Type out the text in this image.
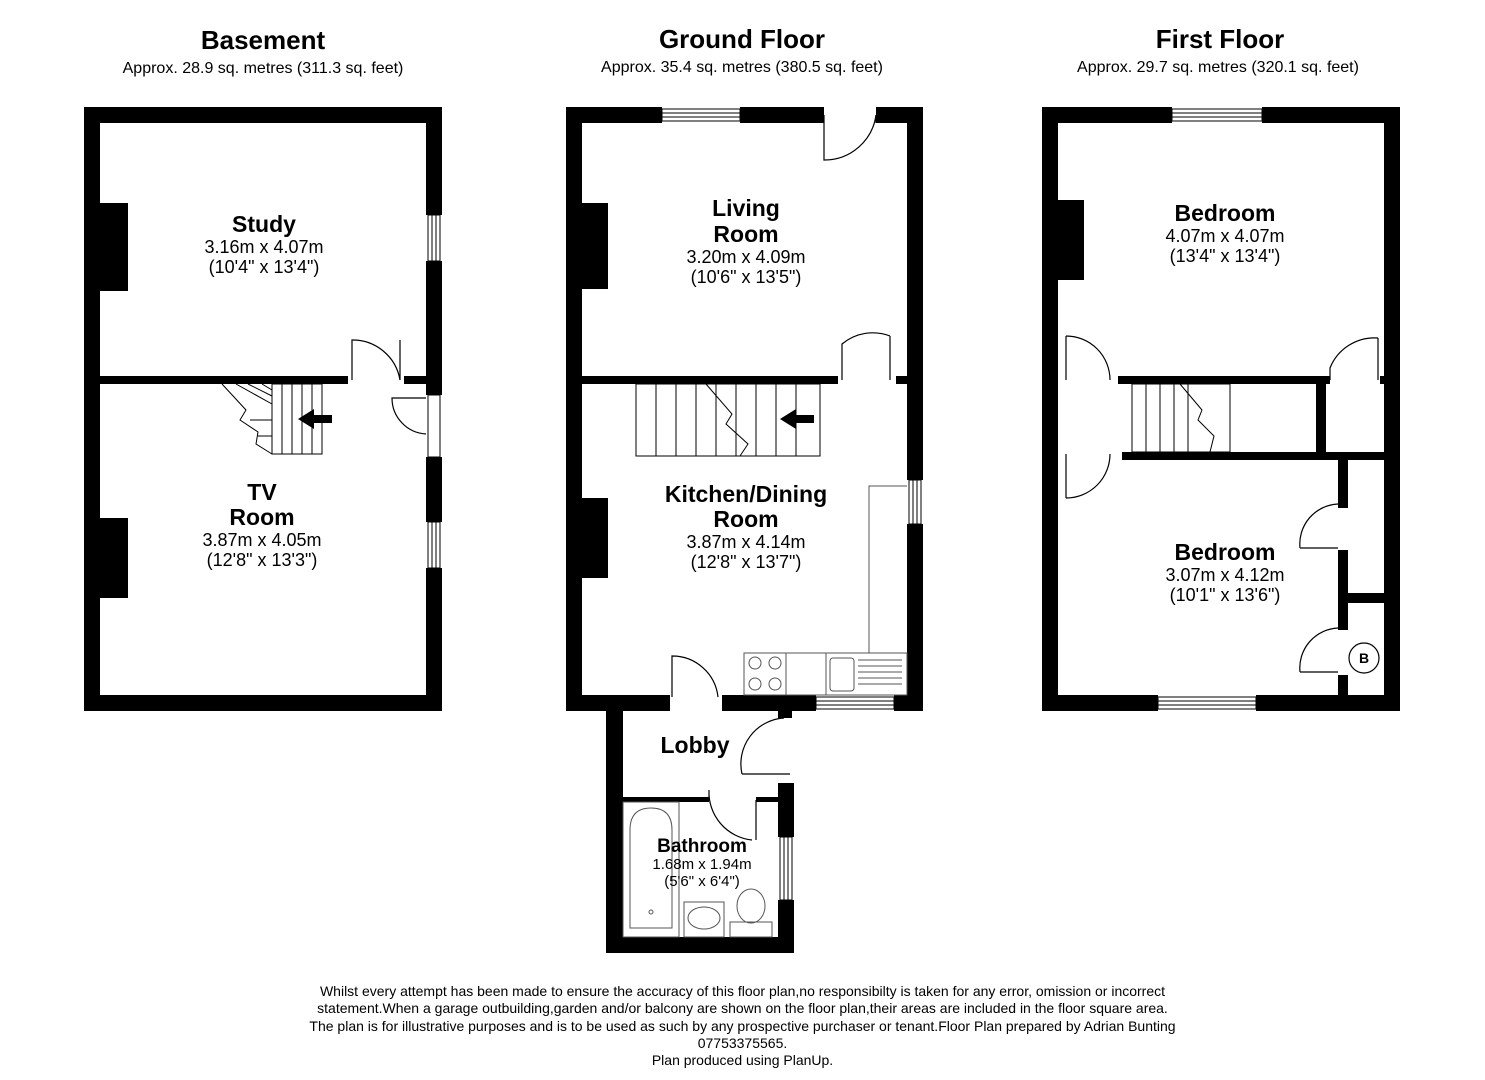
Basement
Approx. 28.9 sq. metres (311.3 sq. feet)
Study
3.16m x 4.07m
(10'4" x 13'4")
TV
Room
3.87m x 4.05m
(12'8" x 13'3")
Ground Floor
Approx. 35.4 sq. metres (380.5 sq. feet)
Living
Room
3.20m x 4.09m
(10'6" x 13'5")
Kitchen/Dining
Room
3.87m x 4.14m
(12'8" x 13'7")
Lobby
Bathroom
1.68m x 1.94m
(5'6" x 6'4")
First Floor
Approx. 29.7 sq. metres (320.1 sq. feet)
B
Bedroom
4.07m x 4.07m
(13'4" x 13'4")
Bedroom
3.07m x 4.12m
(10'1" x 13'6")
Whilst every attempt has been made to ensure the accuracy of this floor plan,no responsibilty is taken for any error, omission or incorrect
statement.When a garage outbuilding,garden and/or balcony are shown on the floor plan,their areas are included in the floor square area.
The plan is for illustrative purposes and is to be used as such by any prospective purchaser or tenant.Floor Plan prepared by Adrian Bunting
07753375565.
Plan produced using PlanUp.
